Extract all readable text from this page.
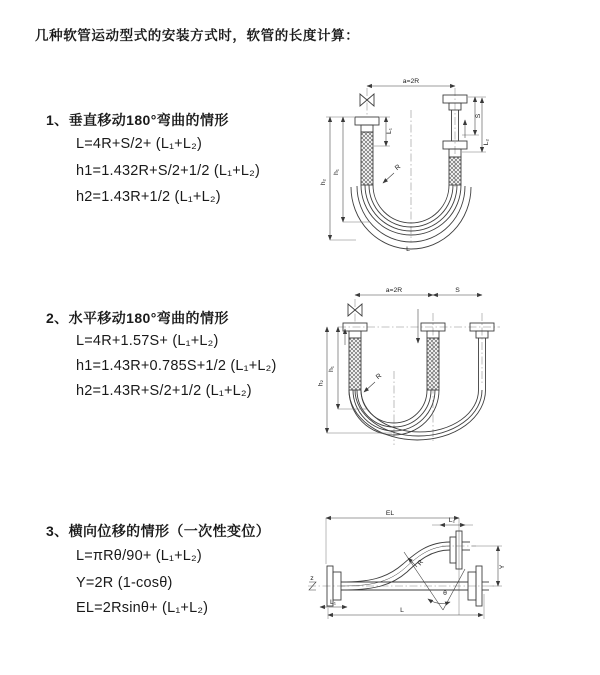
几种软管运动型式的安装方式时，软管的长度计算：
1、垂直移动180°弯曲的情形
L=4R+S/2+ (L₁+L₂)
h1=1.432R+S/2+1/2 (L₁+L₂)
h2=1.43R+1/2 (L₁+L₂)
a=2R
h₁
h₂
L₁
S
L₂
R
L
2、水平移动180°弯曲的情形
L=4R+1.57S+ (L₁+L₂)
h1=1.43R+0.785S+1/2 (L₁+L₂)
h2=1.43R+S/2+1/2 (L₁+L₂)
a=2R	S
h₁
h₂
R
3、横向位移的情形（一次性变位）
L=πRθ/90+ (L₁+L₂)
Y=2R (1-cosθ)
EL=2Rsinθ+ (L₁+L₂)
EL
L₂
Y
L
L₁
R
θ
z
